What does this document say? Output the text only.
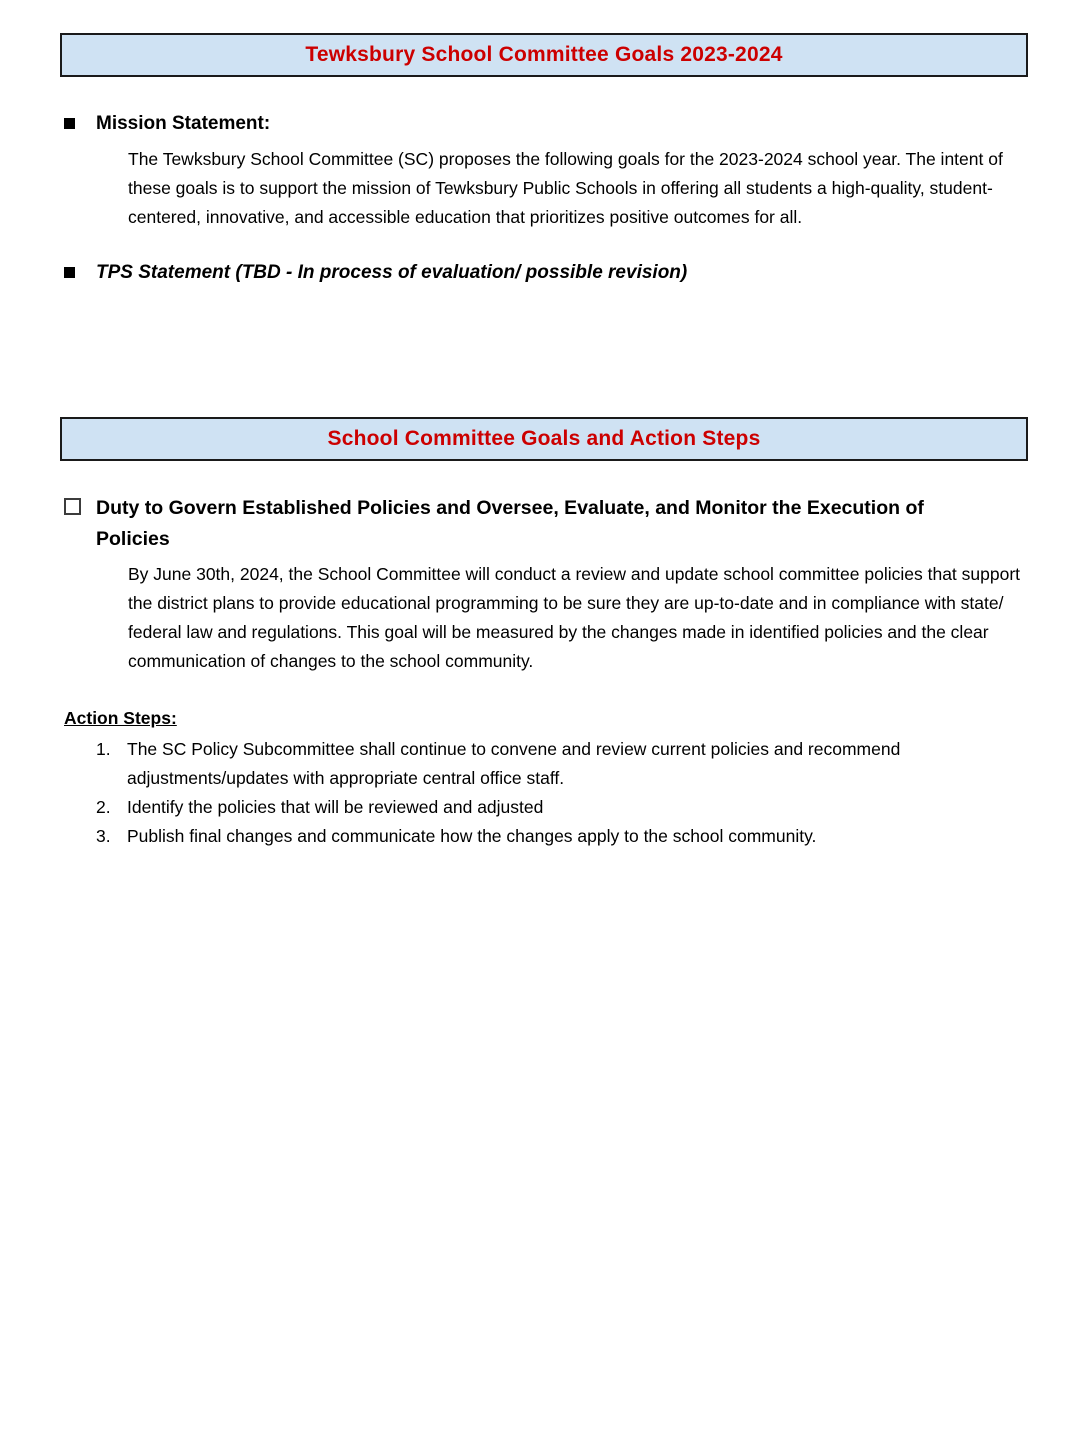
Tewksbury School Committee Goals 2023-2024
Mission Statement:
The Tewksbury School Committee (SC) proposes the following goals for the 2023-2024 school year. The intent of these goals is to support the mission of Tewksbury Public Schools in offering all students a high-quality, student-centered, innovative, and accessible education that prioritizes positive outcomes for all.
TPS Statement (TBD - In process of evaluation/ possible revision)
School Committee Goals and Action Steps
Duty to Govern Established Policies and Oversee, Evaluate, and Monitor the Execution of Policies
By June 30th, 2024, the School Committee will conduct a review and update school committee policies that support the district plans to provide educational programming to be sure they are up-to-date and in compliance with state/ federal law and regulations. This goal will be measured by the changes made in identified policies and the clear communication of changes to the school community.
Action Steps:
1. The SC Policy Subcommittee shall continue to convene and review current policies and recommend adjustments/updates with appropriate central office staff.
2. Identify the policies that will be reviewed and adjusted
3. Publish final changes and communicate how the changes apply to the school community.
